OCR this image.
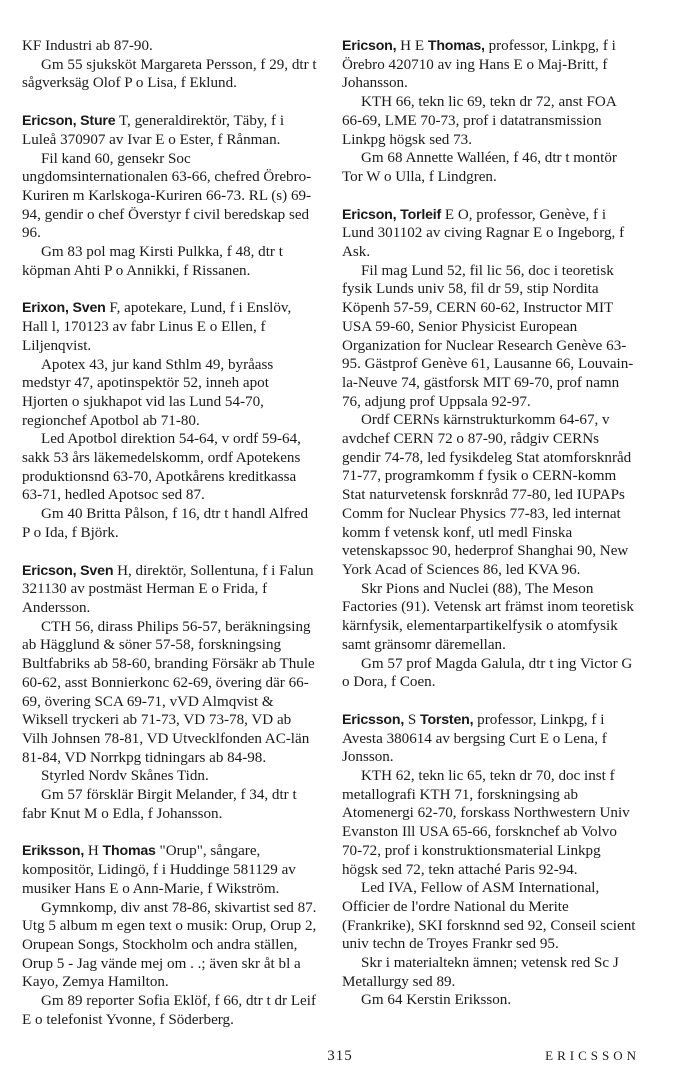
KF Industri ab 87-90.

Gm 55 sjuksköt Margareta Persson, f 29, dtr t sågverksäg Olof P o Lisa, f Eklund.

Ericson, Sture T, generaldirektör, Täby, f i Luleå 370907 av Ivar E o Ester, f Rånman.

Fil kand 60, gensekr Soc ungdomsinternationalen 63-66, chefred Örebro-Kuriren m Karlskoga-Kuriren 66-73. RL (s) 69-94, gendir o chef Överstyr f civil beredskap sed 96.

Gm 83 pol mag Kirsti Pulkka, f 48, dtr t köpman Ahti P o Annikki, f Rissanen.

Erixon, Sven F, apotekare, Lund, f i Enslöv, Hall l, 170123 av fabr Linus E o Ellen, f Liljenqvist.

Apotex 43, jur kand Sthlm 49, byråass medstyr 47, apotinspektör 52, inneh apot Hjorten o sjukhapot vid las Lund 54-70, regionchef Apotbol ab 71-80.

Led Apotbol direktion 54-64, v ordf 59-64, sakk 53 års läkemedelskomm, ordf Apotekens produktionsnd 63-70, Apotkårens kreditkassa 63-71, hedled Apotsoc sed 87.

Gm 40 Britta Pålson, f 16, dtr t handl Alfred P o Ida, f Björk.

Ericson, Sven H, direktör, Sollentuna, f i Falun 321130 av postmäst Herman E o Frida, f Andersson.

CTH 56, dirass Philips 56-57, beräkningsing ab Hägglund & söner 57-58, forskningsing Bultfabriks ab 58-60, branding Försäkr ab Thule 60-62, asst Bonnierkonc 62-69, övering där 66-69, övering SCA 69-71, vVD Almqvist & Wiksell tryckeri ab 71-73, VD 73-78, VD ab Vilh Johnsen 78-81, VD Utvecklfonden AC-län 81-84, VD Norrkpg tidningars ab 84-98.

Styrled Nordv Skånes Tidn.

Gm 57 försklär Birgit Melander, f 34, dtr t fabr Knut M o Edla, f Johansson.

Eriksson, H Thomas "Orup", sångare, kompositör, Lidingö, f i Huddinge 581129 av musiker Hans E o Ann-Marie, f Wikström.

Gymnkomp, div anst 78-86, skivartist sed 87. Utg 5 album m egen text o musik: Orup, Orup 2, Orupean Songs, Stockholm och andra ställen, Orup 5 - Jag vände mej om . .; även skr åt bl a Kayo, Zemya Hamilton.

Gm 89 reporter Sofia Eklöf, f 66, dtr t dr Leif E o telefonist Yvonne, f Söderberg.

Ericson, H E Thomas, professor, Linkpg, f i Örebro 420710 av ing Hans E o Maj-Britt, f Johansson.

KTH 66, tekn lic 69, tekn dr 72, anst FOA 66-69, LME 70-73, prof i datatransmission Linkpg högsk sed 73.

Gm 68 Annette Walléen, f 46, dtr t montör Tor W o Ulla, f Lindgren.

Ericson, Torleif E O, professor, Genève, f i Lund 301102 av civing Ragnar E o Ingeborg, f Ask.

Fil mag Lund 52, fil lic 56, doc i teoretisk fysik Lunds univ 58, fil dr 59, stip Nordita Köpenh 57-59, CERN 60-62, Instructor MIT USA 59-60, Senior Physicist European Organization for Nuclear Research Genève 63-95. Gästprof Genève 61, Lausanne 66, Louvain-la-Neuve 74, gästforsk MIT 69-70, prof namn 76, adjung prof Uppsala 92-97.

Ordf CERNs kärnstrukturkomm 64-67, v avdchef CERN 72 o 87-90, rådgiv CERNs gendir 74-78, led fysikdeleg Stat atomforsknråd 71-77, programkomm f fysik o CERN-komm Stat naturvetensk forsknråd 77-80, led IUPAPs Comm for Nuclear Physics 77-83, led internat komm f vetensk konf, utl medl Finska vetenskapssoc 90, hederprof Shanghai 90, New York Acad of Sciences 86, led KVA 96.

Skr Pions and Nuclei (88), The Meson Factories (91). Vetensk art främst inom teoretisk kärnfysik, elementarpartikelfysik o atomfysik samt gränsomr däremellan.

Gm 57 prof Magda Galula, dtr t ing Victor G o Dora, f Coen.

Ericsson, S Torsten, professor, Linkpg, f i Avesta 380614 av bergsing Curt E o Lena, f Jonsson.

KTH 62, tekn lic 65, tekn dr 70, doc inst f metallografi KTH 71, forskningsing ab Atomenergi 62-70, forskass Northwestern Univ Evanston Ill USA 65-66, forsknchef ab Volvo 70-72, prof i konstruktionsmaterial Linkpg högsk sed 72, tekn attaché Paris 92-94.

Led IVA, Fellow of ASM International, Officier de l'ordre National du Merite (Frankrike), SKI forsknnd sed 92, Conseil scient univ techn de Troyes Frankr sed 95.

Skr i materialtekn ämnen; vetensk red Sc J Metallurgy sed 89.

Gm 64 Kerstin Eriksson.

315	ERICSSON
